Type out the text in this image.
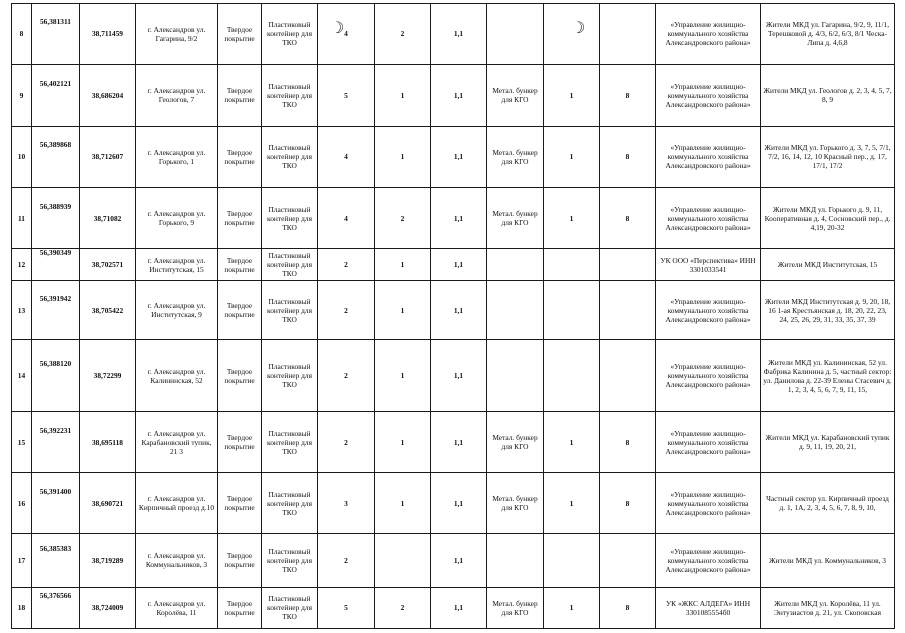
8	56,381311	38,711459	г. Александров ул. Гагарина, 9/2	Твердое покрытие	Пластиковый контейнер для ТКО	4	2	1,1				«Управление жилищно-коммунального хозяйства Александровского района»	Жители МКД ул. Гагарина, 9/2, 9, 11/1, Терешковой д. 4/3, 6/2, 6/3, 8/1 Ческа-Липа д. 4,6,8
9	56,402121	38,686204	г. Александров ул. Геологов, 7	Твердое покрытие	Пластиковый контейнер для ТКО	5	1	1,1	Метал. бункер для КГО	1	8	«Управление жилищно-коммунального хозяйства Александровского района»	Жители МКД ул. Геологов д. 2, 3, 4, 5, 7, 8, 9
10	56,389868	38,712607	г. Александров ул. Горького, 1	Твердое покрытие	Пластиковый контейнер для ТКО	4	1	1,1	Метал. бункер для КГО	1	8	«Управление жилищно-коммунального хозяйства Александровского района»	Жители МКД ул. Горького д. 3, 7, 5, 7/1, 7/2, 16, 14, 12, 10 Красный пер., д. 17, 17/1, 17/2
11	56,388939	38,71082	г. Александров ул. Горького, 9	Твердое покрытие	Пластиковый контейнер для ТКО	4	2	1,1	Метал. бункер для КГО	1	8	«Управление жилищно-коммунального хозяйства Александровского района»	Жители МКД ул. Горького д. 9, 11, Кооперативная д. 4, Сосновский пер., д. 4,19, 20-32
12	56,390349	38,702571	г. Александров ул. Институтская, 15	Твердое покрытие	Пластиковый контейнер для ТКО	2	1	1,1				УК ООО «Перспектива» ИНН 3301033541	Жители МКД Институтская, 15
13	56,391942	38,705422	г. Александров ул. Институтская, 9	Твердое покрытие	Пластиковый контейнер для ТКО	2	1	1,1				«Управление жилищно-коммунального хозяйства Александровского района»	Жители МКД Институтская д. 9, 20, 18, 16 1-ая Крестьянская д. 18, 20, 22, 23, 24, 25, 26, 29, 31, 33, 35, 37, 39
14	56,388120	38,72299	г. Александров ул. Калининская, 52	Твердое покрытие	Пластиковый контейнер для ТКО	2	1	1,1				«Управление жилищно-коммунального хозяйства Александровского района»	Жители МКД ул. Калининская, 52 ул. Фабрика Калинина д. 5, частный сектор: ул. Данилова д. 22-39 Елены Стасевич д. 1, 2, 3, 4, 5, 6, 7, 9, 11, 15,
15	56,392231	38,695118	г. Александров ул. Карабановский тупик, 21 3	Твердое покрытие	Пластиковый контейнер для ТКО	2	1	1,1	Метал. бункер для КГО	1	8	«Управление жилищно-коммунального хозяйства Александровского района»	Жители МКД ул. Карабановский тупик д. 9, 11, 19, 20, 21,
16	56,391400	38,690721	г. Александров ул. Кирпичный проезд д.10	Твердое покрытие	Пластиковый контейнер для ТКО	3	1	1,1	Метал. бункер для КГО	1	8	«Управление жилищно-коммунального хозяйства Александровского района»	Частный сектор ул. Кирпичный проезд д. 1, 1А, 2, 3, 4, 5, 6, 7, 8, 9, 10,
17	56,385383	38,719289	г. Александров ул. Коммунальников, 3	Твердое покрытие	Пластиковый контейнер для ТКО	2		1,1				«Управление жилищно-коммунального хозяйства Александровского района»	Жители МКД ул. Коммунальников, 3
18	56,376566	38,724009	г. Александров ул. Королёва, 11	Твердое покрытие	Пластиковый контейнер для ТКО	5	2	1,1	Метал. бункер для КГО	1	8	УК «ЖКС АЛДЕГА» ИНН 3301085554б0	Жители МКД ул. Королёва, 11 ул. Энтузиастов д. 21, ул. Скоповская
☽	☽
